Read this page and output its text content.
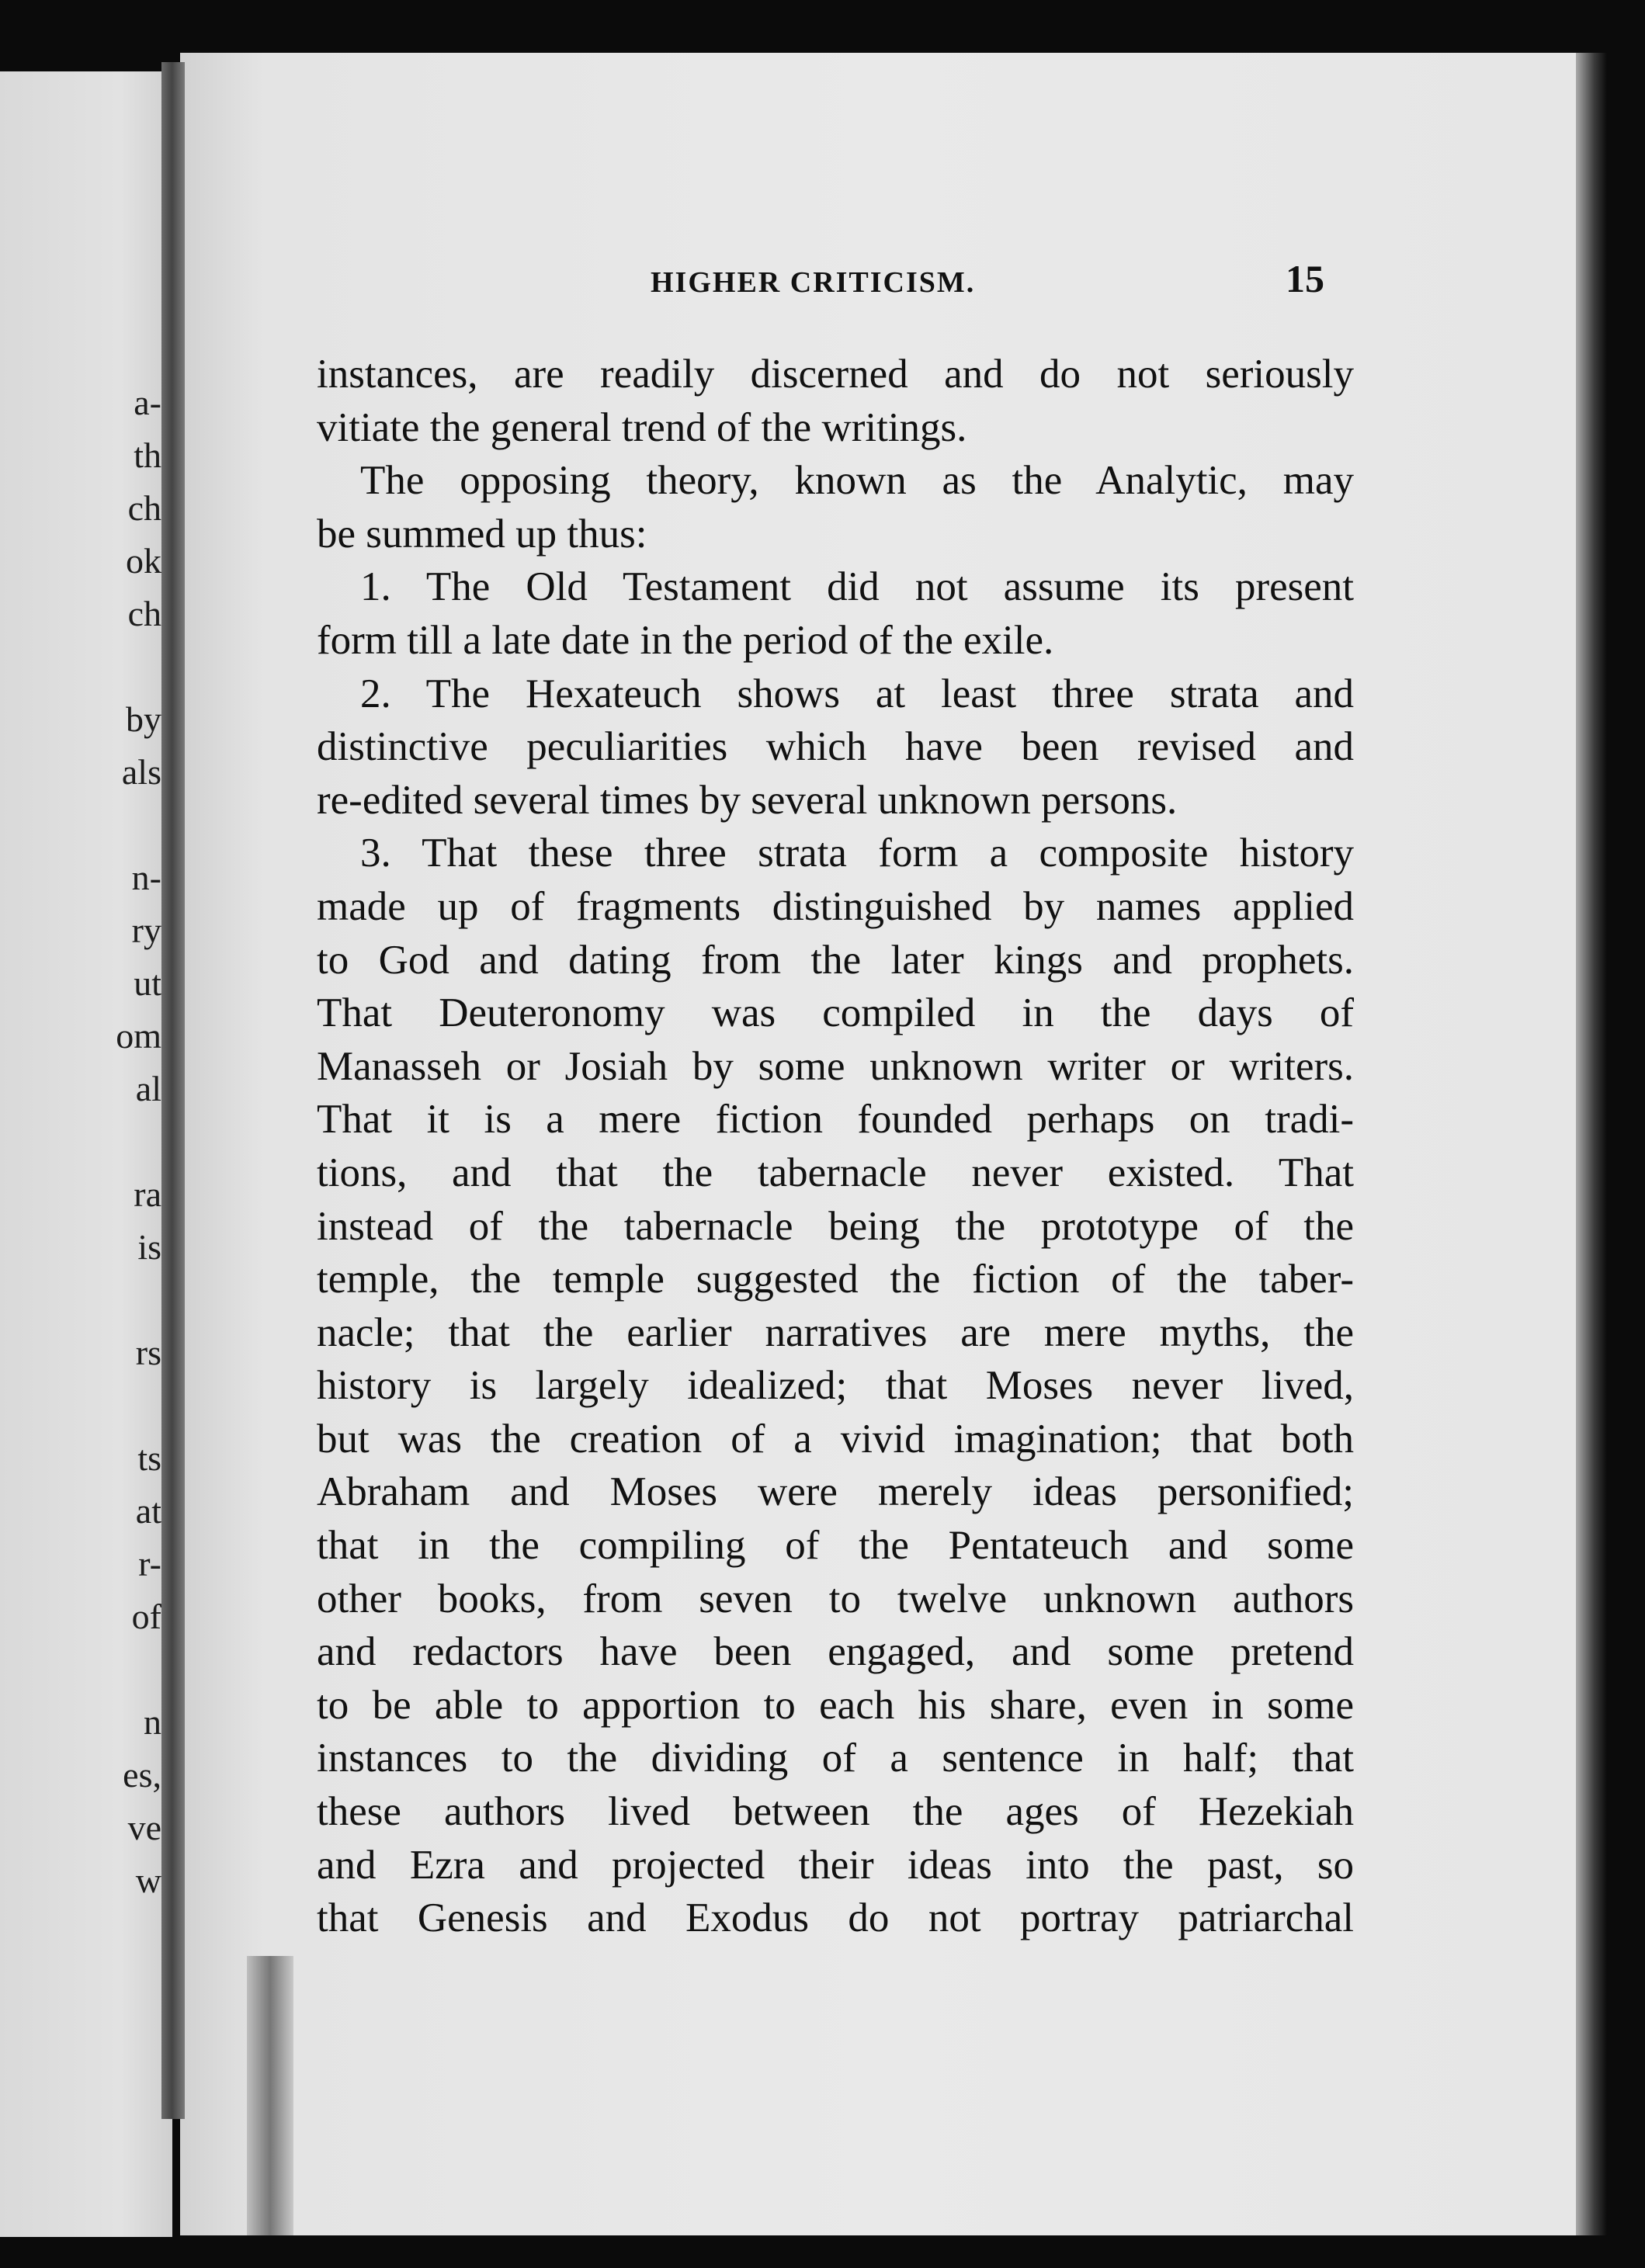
a-
th
ch
ok
ch
by
als
n-
ry
ut
om
al
ra
is
rs
ts
at
r-
of
n
es,
ve
w
HIGHER CRITICISM.	15
instances, are readily discerned and do not seriously
vitiate the general trend of the writings.
The opposing theory, known as the Analytic, may
be summed up thus:
1. The Old Testament did not assume its present
form till a late date in the period of the exile.
2. The Hexateuch shows at least three strata and
distinctive peculiarities which have been revised and
re-edited several times by several unknown persons.
3. That these three strata form a composite history
made up of fragments distinguished by names applied
to God and dating from the later kings and prophets.
That Deuteronomy was compiled in the days of
Manasseh or Josiah by some unknown writer or writers.
That it is a mere fiction founded perhaps on tradi-
tions, and that the tabernacle never existed. That
instead of the tabernacle being the prototype of the
temple, the temple suggested the fiction of the taber-
nacle; that the earlier narratives are mere myths, the
history is largely idealized; that Moses never lived,
but was the creation of a vivid imagination; that both
Abraham and Moses were merely ideas personified;
that in the compiling of the Pentateuch and some
other books, from seven to twelve unknown authors
and redactors have been engaged, and some pretend
to be able to apportion to each his share, even in some
instances to the dividing of a sentence in half; that
these authors lived between the ages of Hezekiah
and Ezra and projected their ideas into the past, so
that Genesis and Exodus do not portray patriarchal
